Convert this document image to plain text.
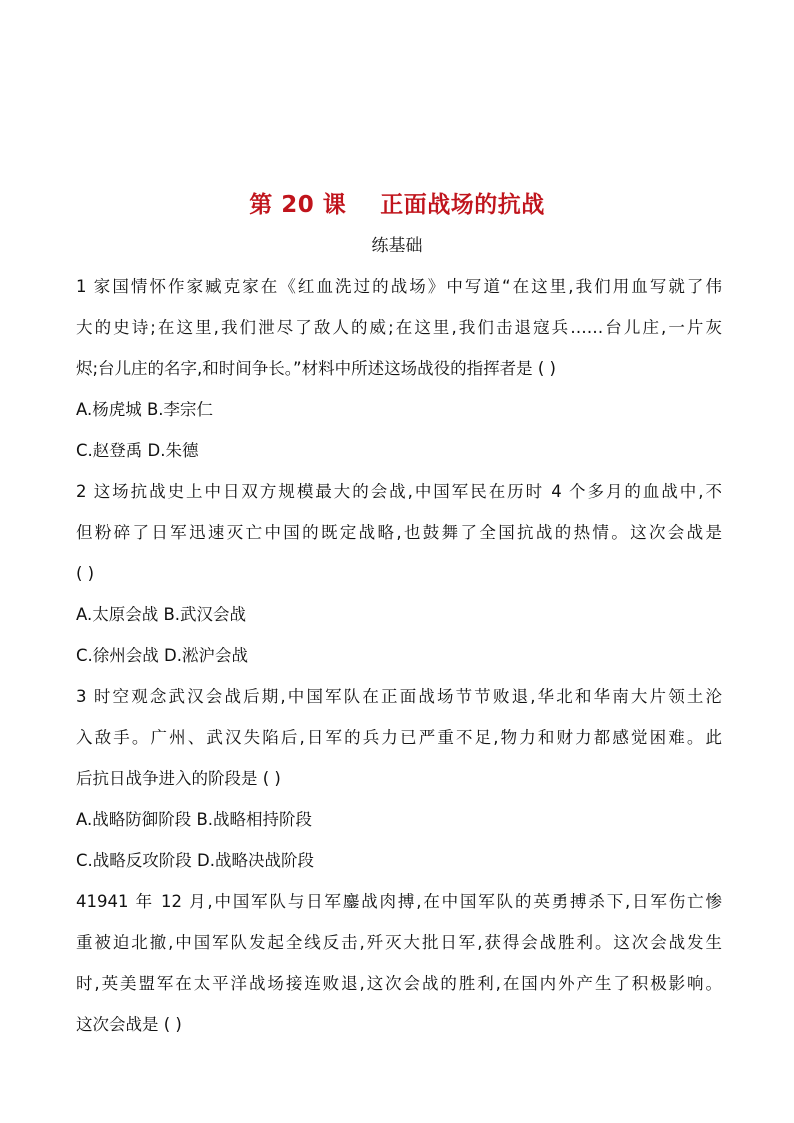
第 20 课    正面战场的抗战
练基础
1 家国情怀作家臧克家在《红血洗过的战场》中写道“在这里,我们用血写就了伟
大的史诗;在这里,我们泄尽了敌人的威;在这里,我们击退寇兵……台儿庄,一片灰
烬;台儿庄的名字,和时间争长。”材料中所述这场战役的指挥者是 ( )
A.杨虎城 B.李宗仁
C.赵登禹 D.朱德
2 这场抗战史上中日双方规模最大的会战,中国军民在历时 4 个多月的血战中,不
但粉碎了日军迅速灭亡中国的既定战略,也鼓舞了全国抗战的热情。这次会战是
( )
A.太原会战 B.武汉会战
C.徐州会战 D.淞沪会战
3 时空观念武汉会战后期,中国军队在正面战场节节败退,华北和华南大片领土沦
入敌手。广州、武汉失陷后,日军的兵力已严重不足,物力和财力都感觉困难。此
后抗日战争进入的阶段是 ( )
A.战略防御阶段 B.战略相持阶段
C.战略反攻阶段 D.战略决战阶段
41941 年 12 月,中国军队与日军鏖战肉搏,在中国军队的英勇搏杀下,日军伤亡惨
重被迫北撤,中国军队发起全线反击,歼灭大批日军,获得会战胜利。这次会战发生
时,英美盟军在太平洋战场接连败退,这次会战的胜利,在国内外产生了积极影响。
这次会战是 ( )
